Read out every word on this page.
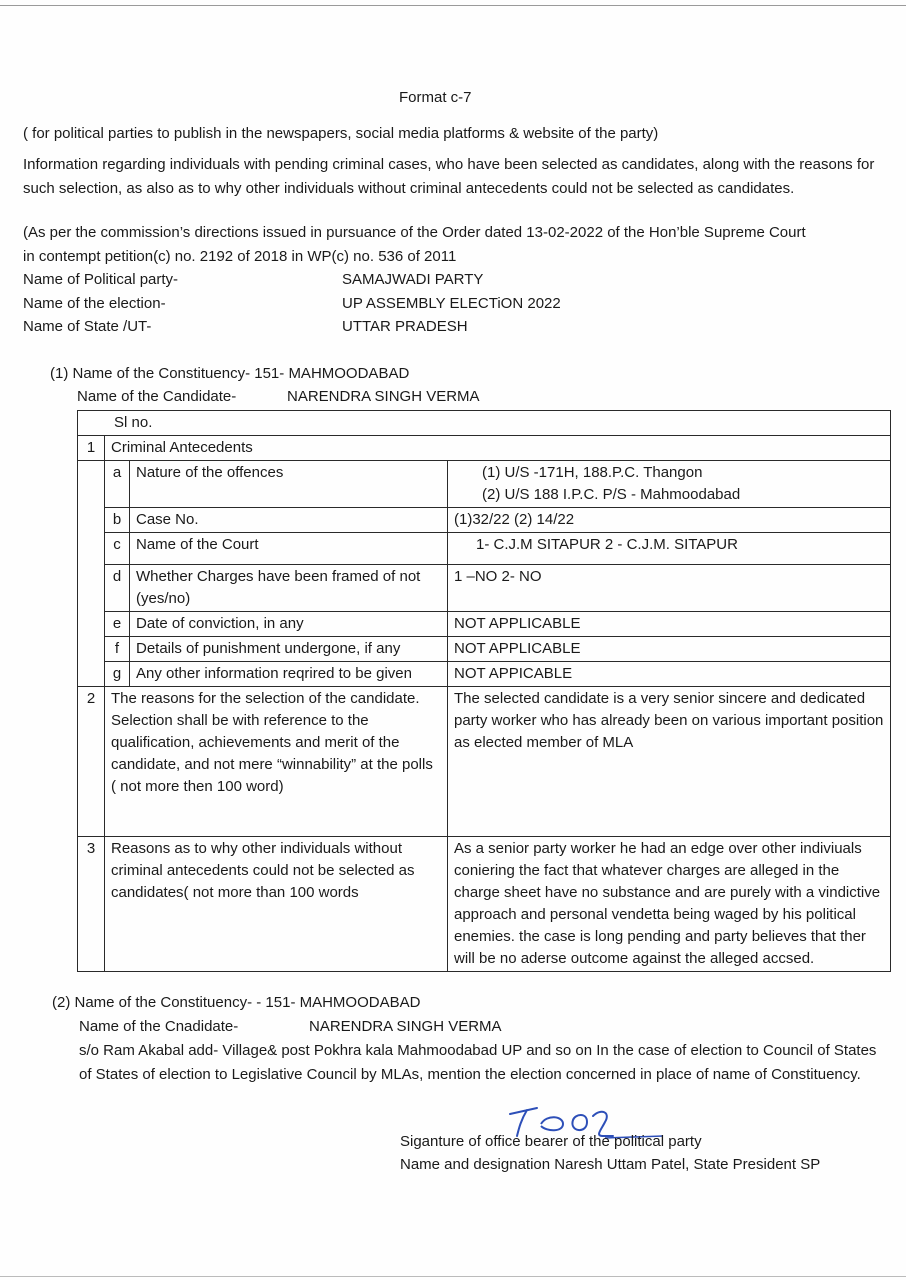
Format c-7
( for political parties to publish in the newspapers, social media platforms & website of the party)
Information regarding individuals with pending criminal cases, who have been selected as candidates, along with the reasons for such selection, as also as to why other individuals without criminal antecedents could not be selected as candidates.
(As per the commission’s directions issued in pursuance of the Order dated 13-02-2022 of the Hon’ble Supreme Court
in contempt petition(c) no. 2192 of 2018 in WP(c) no. 536 of 2011
Name of Political party-	SAMAJWADI PARTY
Name of the election-	UP ASSEMBLY ELECTiON 2022
Name of State /UT-	UTTAR PRADESH
(1) Name of the Constituency- 151- MAHMOODABAD
Name of the Candidate-	NARENDRA SINGH VERMA
Sl no.			
1	Criminal Antecedents		
	a	Nature of the offences	(1) U/S -171H, 188.P.C. Thangon
(2) U/S 188 I.P.C. P/S - Mahmoodabad

	b	Case No.	(1)32/22 (2) 14/22
	c	Name of the Court	1- C.J.M SITAPUR 2 - C.J.M. SITAPUR
	d	Whether Charges have been framed of not (yes/no)	1 –NO 2- NO
	e	Date of conviction, in any	NOT APPLICABLE
	f	Details of punishment undergone, if any	NOT APPLICABLE
	g	Any other information reqrired to be given	NOT APPICABLE
2	The reasons for the selection of the candidate. Selection shall be with reference to the qualification, achievements and merit of the candidate, and not mere “winnability” at the polls ( not more then 100 word)		The selected candidate is a very senior sincere and dedicated party worker who has already been on various important position as elected member of MLA
3	Reasons as to why other individuals without criminal antecedents could not be selected as candidates( not more than 100 words		As a senior party worker he had an edge over other indiviuals coniering the fact that whatever charges are alleged in the charge sheet have no substance and are purely with a vindictive approach and personal vendetta being waged by his political enemies. the case is long pending and party believes that ther will be no aderse outcome against the alleged accsed.
(2) Name of the Constituency- - 151- MAHMOODABAD
Name of the Cnadidate-	NARENDRA SINGH VERMA
s/o Ram Akabal add- Village& post Pokhra kala Mahmoodabad UP and so on In the case of election to Council of States of States of election to Legislative Council by MLAs, mention the election concerned in place of name of Constituency.
Siganture of office bearer of the political party
Name and designation Naresh Uttam Patel, State President SP
